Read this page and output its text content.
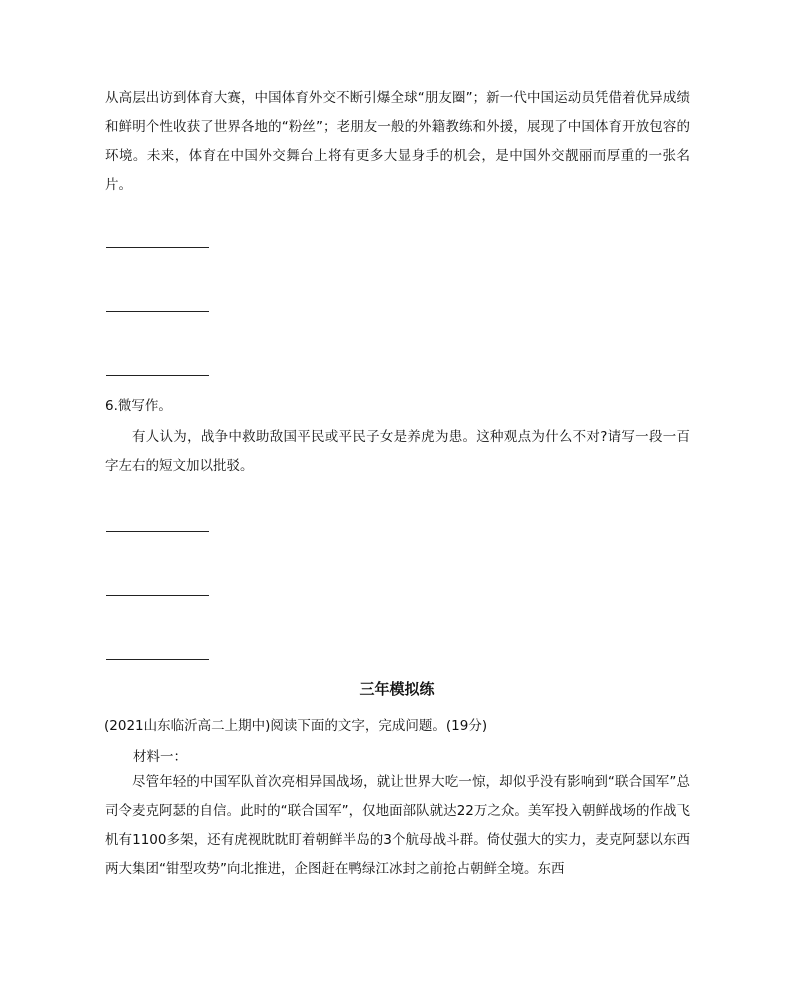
从高层出访到体育大赛，中国体育外交不断引爆全球“朋友圈”；新一代中国运动员凭借着优异成绩和鲜明个性收获了世界各地的“粉丝”；老朋友一般的外籍教练和外援，展现了中国体育开放包容的环境。未来，体育在中国外交舞台上将有更多大显身手的机会，是中国外交靓丽而厚重的一张名片。

6.微写作。

有人认为，战争中救助敌国平民或平民子女是养虎为患。这种观点为什么不对?请写一段一百字左右的短文加以批驳。

三年模拟练

(2021山东临沂高二上期中)阅读下面的文字，完成问题。(19分)

材料一：

尽管年轻的中国军队首次亮相异国战场，就让世界大吃一惊，却似乎没有影响到“联合国军”总司令麦克阿瑟的自信。此时的“联合国军”，仅地面部队就达22万之众。美军投入朝鲜战场的作战飞机有1100多架，还有虎视眈眈盯着朝鲜半岛的3个航母战斗群。倚仗强大的实力，麦克阿瑟以东西两大集团“钳型攻势”向北推进，企图赶在鸭绿江冰封之前抢占朝鲜全境。东西
